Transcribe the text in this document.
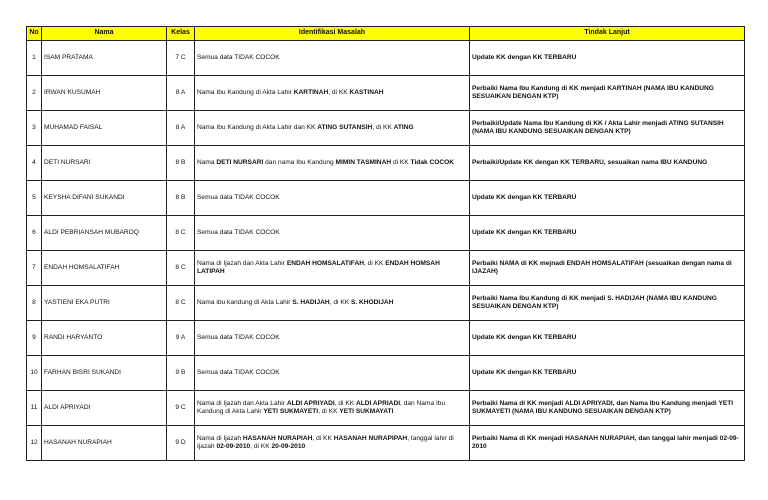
No	Nama	Kelas	Identifikasi Masalah	Tindak Lanjut
1	ISAM PRATAMA	7 C	Semua data TIDAK COCOK	Update KK dengan KK TERBARU
2	IRWAN KUSUMAH	8 A	Nama Ibu Kandung di Akta Lahir KARTINAH, di KK KASTINAH	Perbaiki Nama Ibu Kandung di KK menjadi KARTINAH (NAMA IBU KANDUNG SESUAIKAN DENGAN KTP)
3	MUHAMAD FAISAL	8 A	Nama Ibu Kandung di Akta Lahir dan KK ATING SUTANSIH, di KK ATING	Perbaiki/Update Nama Ibu Kandung di KK / Akta Lahir menjadi ATING SUTANSIH (NAMA IBU KANDUNG SESUAIKAN DENGAN KTP)
4	DETI NURSARI	8 B	Nama DETI NURSARI dan nama Ibu Kandung MIMIN TASMINAH di KK Tidak COCOK	Perbaiki/Update KK dengan KK TERBARU, sesuaikan nama IBU KANDUNG
5	KEYSHA DIFANI SUKANDI	8 B	Semua data TIDAK COCOK	Update KK dengan KK TERBARU
6	ALDI PEBRIANSAH MUBAROQ	8 C	Semua data TIDAK COCOK	Update KK dengan KK TERBARU
7	ENDAH HOMSALATIFAH	8 C	Nama di Ijazah dan Akta Lahir ENDAH HOMSALATIFAH, di KK ENDAH HOMSAH LATIPAH	Perbaiki NAMA di KK mejnadi ENDAH HOMSALATIFAH (sesuaikan dengan nama di IJAZAH)
8	YASTIENI EKA PUTRI	8 C	Nama ibu kandung di Akta Lahir S. HADIJAH, di KK S. KHODIJAH	Perbaiki Nama Ibu Kandung di KK menjadi S. HADIJAH (NAMA IBU KANDUNG SESUAIKAN DENGAN KTP)
9	RANDI HARYANTO	9 A	Semua data TIDAK COCOK	Update KK dengan KK TERBARU
10	FARHAN BISRI SUKANDI	9 B	Semua data TIDAK COCOK	Update KK dengan KK TERBARU
11	ALDI APRIYADI	9 C	Nama di Ijazah dan Akta Lahir ALDI APRIYADI, di KK ALDI APRIADI, dan Nama Ibu Kandung di Akta Lahir YETI SUKMAYETI, di KK YETI SUKMAYATI	Perbaiki Nama di KK menjadi ALDI APRIYADI, dan Nama Ibu Kandung menjadi YETI SUKMAYETI (NAMA IBU KANDUNG SESUAIKAN DENGAN KTP)
12	HASANAH NURAPIAH	9 D	Nama di Ijazah HASANAH NURAPIAH, di KK HASANAH NURAPIPAH, tanggal lahir di Ijazah 02-09-2010, di KK 20-09-2010	Perbaiki Nama di KK menjadi HASANAH NURAPIAH, dan tanggal lahir menjadi 02-09-2010
